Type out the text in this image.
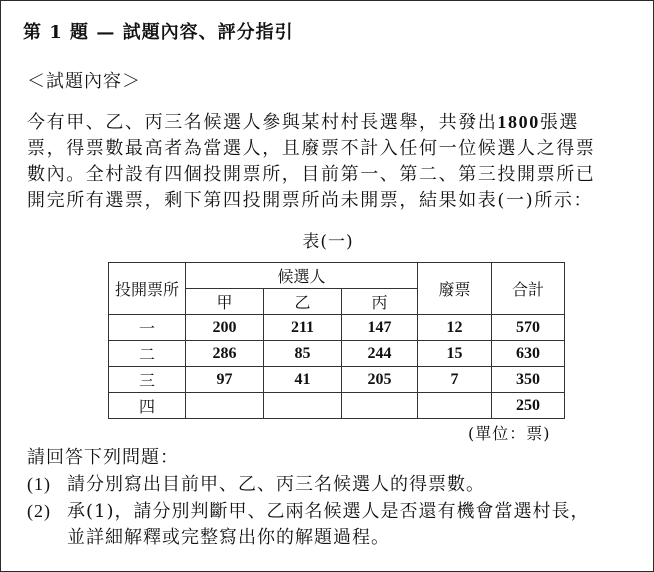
第 1 題 — 試題內容、評分指引
＜試題內容＞

今有甲、乙、丙三名候選人參與某村村長選舉，共發出1800張選
票，得票數最高者為當選人，且廢票不計入任何一位候選人之得票
數內。全村設有四個投開票所，目前第一、第二、第三投開票所已
開完所有選票，剩下第四投開票所尚未開票，結果如表(一)所示：

表(一)
投開票所	候選人			廢票	合計
	甲	乙	丙		
一	200	211	147	12	570
二	286	85	244	15	630
三	97	41	205	7	350
四					250
(單位：票)
請回答下列問題：
(1) 請分別寫出目前甲、乙、丙三名候選人的得票數。
(2) 承(1)，請分別判斷甲、乙兩名候選人是否還有機會當選村長，
並詳細解釋或完整寫出你的解題過程。
